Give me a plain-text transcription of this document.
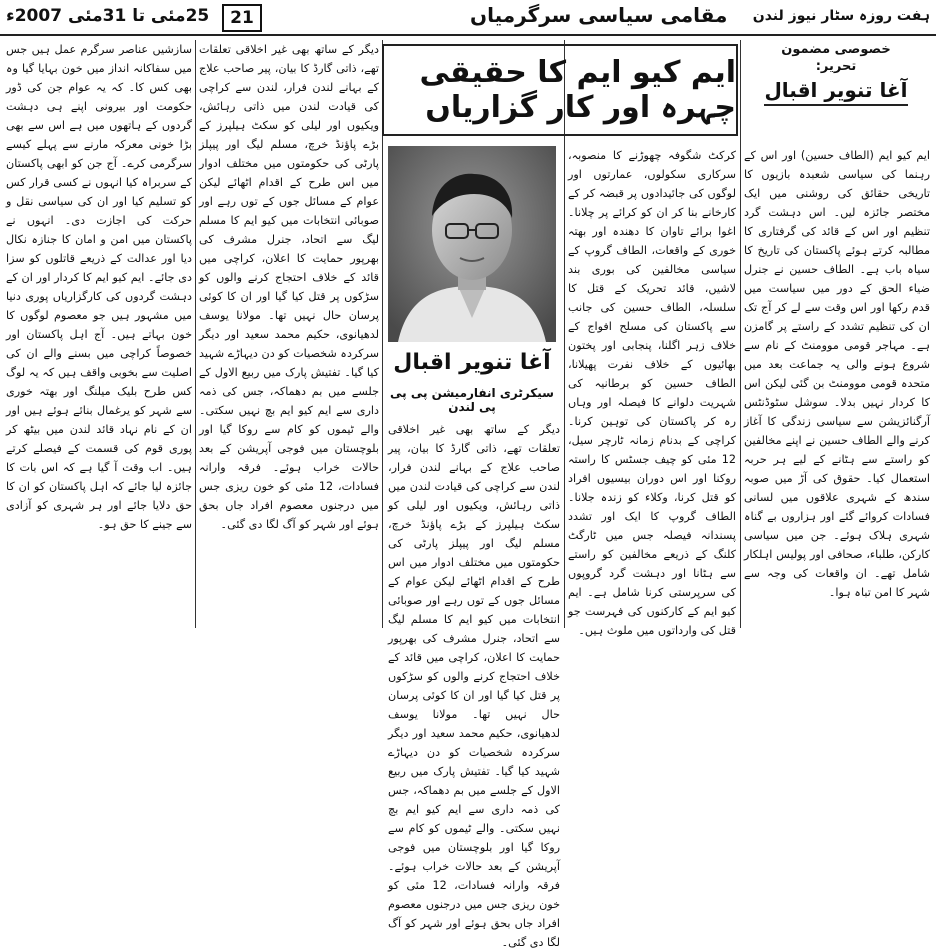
25مئی تا 31مئی 2007ء	21	مقامی سیاسی سرگرمیاں ہفت روزہ سٹار نیوز لندن

سازشیں عناصر سرگرم عمل ہیں جس میں سفاکانہ انداز میں خون بہایا گیا وہ بھی کس کا۔ کہ یہ عوام جن کی ڈور حکومت اور بیرونی اپنے ہی دہشت گردوں کے ہاتھوں میں ہے اس سے بھی بڑا خونی معرکہ مارنے سے پہلے کیسے سرگرمی کرے۔ آج جن کو ابھی پاکستان کے سربراہ کیا انہوں نے کسی قرار کس کو تسلیم کیا اور ان کی سیاسی نقل و حرکت کی اجازت دی۔ انہوں نے پاکستان میں امن و امان کا جنازہ نکال دیا اور عدالت کے ذریعے قاتلوں کو سزا دی جائے۔ ایم کیو ایم کا کردار اور ان کے دہشت گردوں کی کارگزاریاں پوری دنیا میں مشہور ہیں جو معصوم لوگوں کا خون بہاتے ہیں۔ آج اہل پاکستان اور خصوصاً کراچی میں بسنے والے ان کی اصلیت سے بخوبی واقف ہیں کہ یہ لوگ کس طرح بلیک میلنگ اور بھتہ خوری سے شہر کو یرغمال بنائے ہوئے ہیں اور ان کے نام نہاد قائد لندن میں بیٹھ کر پوری قوم کی قسمت کے فیصلے کرتے ہیں۔ اب وقت آ گیا ہے کہ اس بات کا جائزہ لیا جائے کہ اہل پاکستان کو ان کا حق دلایا جائے اور ہر شہری کو آزادی سے جینے کا حق ہو۔

دیگر کے ساتھ بھی غیر اخلاقی تعلقات تھے، ذاتی گارڈ کا بیان، پیر صاحب علاج کے بہانے لندن فرار، لندن سے کراچی کی قیادت لندن میں ذاتی رہائش، ویکیوں اور لیلی کو سکٹ ہیلپرز کے بڑے پاؤنڈ خرچ، مسلم لیگ اور پیپلز پارٹی کی حکومتوں میں مختلف ادوار میں اس طرح کے اقدام اٹھائے لیکن عوام کے مسائل جوں کے توں رہے اور صوبائی انتخابات میں کیو ایم کا مسلم لیگ سے اتحاد، جنرل مشرف کی بھرپور حمایت کا اعلان، کراچی میں قائد کے خلاف احتجاج کرنے والوں کو سڑکوں پر قتل کیا گیا اور ان کا کوئی پرسان حال نہیں تھا۔ مولانا یوسف لدھیانوی، حکیم محمد سعید اور دیگر سرکردہ شخصیات کو دن دیہاڑے شہید کیا گیا۔ تفتیش پارک میں ربیع الاول کے جلسے میں بم دھماکہ، جس کی ذمہ داری سے ایم کیو ایم بچ نہیں سکتی۔ والے ٹیموں کو کام سے روکا گیا اور بلوچستان میں فوجی آپریشن کے بعد حالات خراب ہوئے۔ فرقہ وارانہ فسادات، 12 مئی کو خون ریزی جس میں درجنوں معصوم افراد جاں بحق ہوئے اور شہر کو آگ لگا دی گئی۔

ایم کیو ایم کا حقیقی چہرہ اور کار گزاریاں
آغا تنویر اقبال
سیکرٹری انفارمیشن پی پی پی لندن

کرکٹ شگوفہ چھوڑنے کا منصوبہ، سرکاری سکولوں، عمارتوں اور لوگوں کی جائیدادوں پر قبضہ کر کے کارخانے بنا کر ان کو کرائے پر چلانا۔ اغوا برائے تاوان کا دھندہ اور بھتہ خوری کے واقعات، الطاف گروپ کے سیاسی مخالفین کی بوری بند لاشیں، قائد تحریک کے قتل کا سلسلہ، الطاف حسین کی جانب سے پاکستان کی مسلح افواج کے خلاف زہر اگلنا، پنجابی اور پختون بھائیوں کے خلاف نفرت پھیلانا، الطاف حسین کو برطانیہ کی شہریت دلوانے کا فیصلہ اور وہاں رہ کر پاکستان کی توہین کرنا۔ کراچی کے بدنام زمانہ ٹارچر سیل، 12 مئی کو چیف جسٹس کا راستہ روکنا اور اس دوران بیسیوں افراد کو قتل کرنا، وکلاء کو زندہ جلانا۔ الطاف گروپ کا ایک اور تشدد پسندانہ فیصلہ جس میں ٹارگٹ کلنگ کے ذریعے مخالفین کو راستے سے ہٹانا اور دہشت گرد گروپوں کی سرپرستی کرنا شامل ہے۔ ایم کیو ایم کے کارکنوں کی فہرست جو قتل کی وارداتوں میں ملوث ہیں۔

دیگر کے ساتھ بھی غیر اخلاقی تعلقات تھے، ذاتی گارڈ کا بیان، پیر صاحب علاج کے بہانے لندن فرار، لندن سے کراچی کی قیادت لندن میں ذاتی رہائش، ویکیوں اور لیلی کو سکٹ ہیلپرز کے بڑے پاؤنڈ خرچ، مسلم لیگ اور پیپلز پارٹی کی حکومتوں میں مختلف ادوار میں اس طرح کے اقدام اٹھائے لیکن عوام کے مسائل جوں کے توں رہے اور صوبائی انتخابات میں کیو ایم کا مسلم لیگ سے اتحاد، جنرل مشرف کی بھرپور حمایت کا اعلان، کراچی میں قائد کے خلاف احتجاج کرنے والوں کو سڑکوں پر قتل کیا گیا اور ان کا کوئی پرسان حال نہیں تھا۔ مولانا یوسف لدھیانوی، حکیم محمد سعید اور دیگر سرکردہ شخصیات کو دن دیہاڑے شہید کیا گیا۔ تفتیش پارک میں ربیع الاول کے جلسے میں بم دھماکہ، جس کی ذمہ داری سے ایم کیو ایم بچ نہیں سکتی۔ والے ٹیموں کو کام سے روکا گیا اور بلوچستان میں فوجی آپریشن کے بعد حالات خراب ہوئے۔ فرقہ وارانہ فسادات، 12 مئی کو خون ریزی جس میں درجنوں معصوم افراد جاں بحق ہوئے اور شہر کو آگ لگا دی گئی۔

خصوصی مضمون
تحریر:
آغا تنویر اقبال

ایم کیو ایم (الطاف حسین) اور اس کے رہنما کی سیاسی شعبدہ بازیوں کا تاریخی حقائق کی روشنی میں ایک مختصر جائزہ لیں۔ اس دہشت گرد تنظیم اور اس کے قائد کی گرفتاری کا مطالبہ کرتے ہوئے پاکستان کی تاریخ کا سیاہ باب ہے۔ الطاف حسین نے جنرل ضیاء الحق کے دور میں سیاست میں قدم رکھا اور اس وقت سے لے کر آج تک ان کی تنظیم تشدد کے راستے پر گامزن ہے۔ مہاجر قومی موومنٹ کے نام سے شروع ہونے والی یہ جماعت بعد میں متحدہ قومی موومنٹ بن گئی لیکن اس کا کردار نہیں بدلا۔ سوشل سٹوڈنٹس آرگنائزیشن سے سیاسی زندگی کا آغاز کرنے والے الطاف حسین نے اپنے مخالفین کو راستے سے ہٹانے کے لیے ہر حربہ استعمال کیا۔ حقوق کی آڑ میں صوبہ سندھ کے شہری علاقوں میں لسانی فسادات کروائے گئے اور ہزاروں بے گناہ شہری ہلاک ہوئے۔ جن میں سیاسی کارکن، طلباء، صحافی اور پولیس اہلکار شامل تھے۔ ان واقعات کی وجہ سے شہر کا امن تباہ ہوا۔
